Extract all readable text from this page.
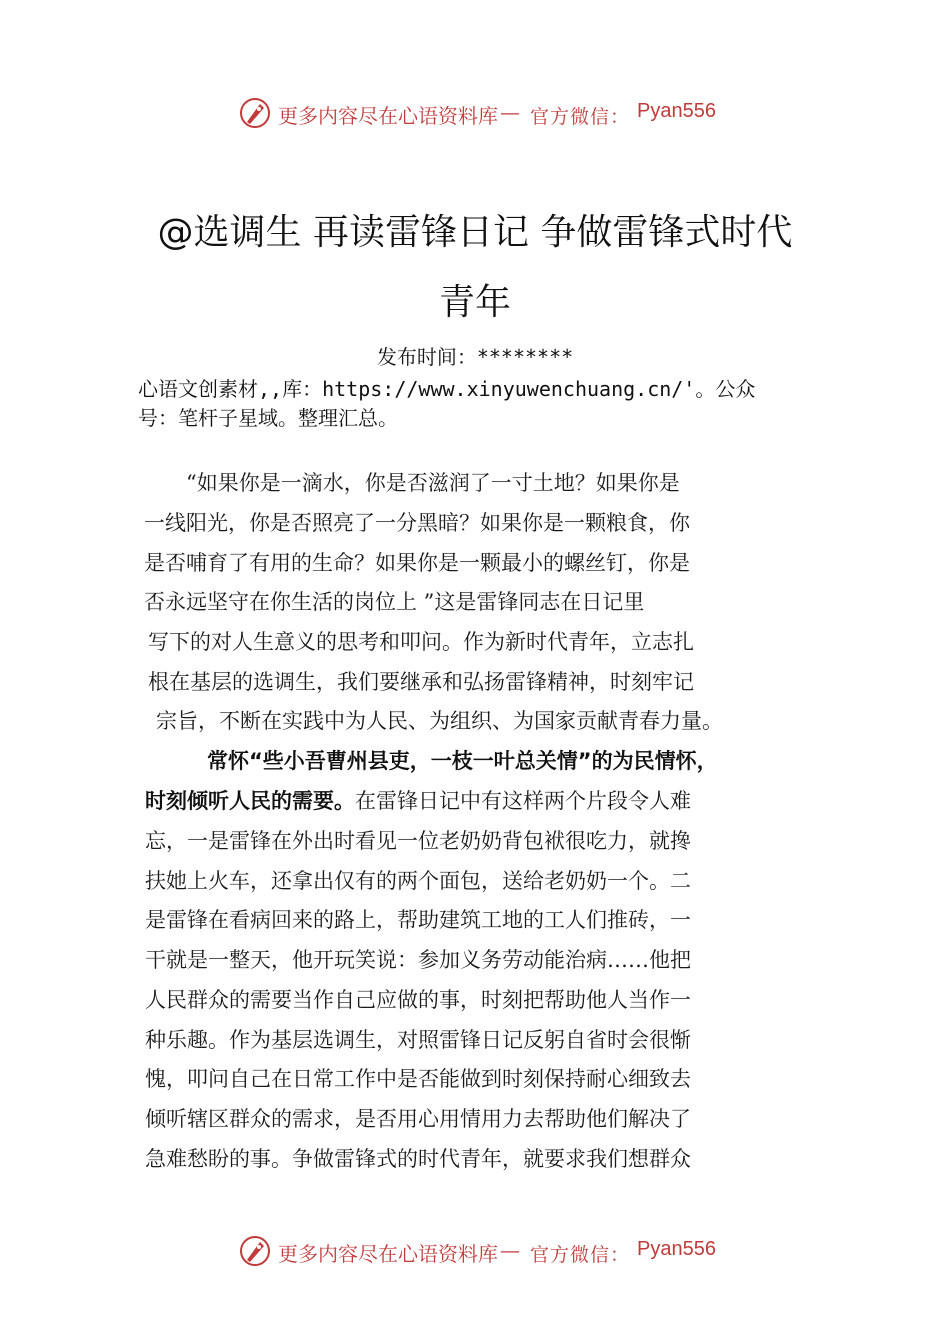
更多内容尽在心语资料库 — 官方微信： Pyan556
@选调生 再读雷锋日记 争做雷锋式时代
青年
发布时间：********
心语文创素材,,库：https://www.xinyuwenchuang.cn/'。公众
号：笔杆子星域。整理汇总。
“如果你是一滴水，你是否滋润了一寸土地？如果你是
一线阳光，你是否照亮了一分黑暗？如果你是一颗粮食，你
是否哺育了有用的生命？如果你是一颗最小的螺丝钉，你是
否永远坚守在你生活的岗位上 ”这是雷锋同志在日记里
写下的对人生意义的思考和叩问。作为新时代青年，立志扎
根在基层的选调生，我们要继承和弘扬雷锋精神，时刻牢记
宗旨，不断在实践中为人民、为组织、为国家贡献青春力量。
常怀“些小吾曹州县吏，一枝一叶总关情”的为民情怀，
时刻倾听人民的需要。在雷锋日记中有这样两个片段令人难
忘，一是雷锋在外出时看见一位老奶奶背包袱很吃力，就搀
扶她上火车，还拿出仅有的两个面包，送给老奶奶一个。二
是雷锋在看病回来的路上，帮助建筑工地的工人们推砖，一
干就是一整天，他开玩笑说：参加义务劳动能治病……他把
人民群众的需要当作自己应做的事，时刻把帮助他人当作一
种乐趣。作为基层选调生，对照雷锋日记反躬自省时会很惭
愧，叩问自己在日常工作中是否能做到时刻保持耐心细致去
倾听辖区群众的需求，是否用心用情用力去帮助他们解决了
急难愁盼的事。争做雷锋式的时代青年，就要求我们想群众
更多内容尽在心语资料库 — 官方微信： Pyan556
